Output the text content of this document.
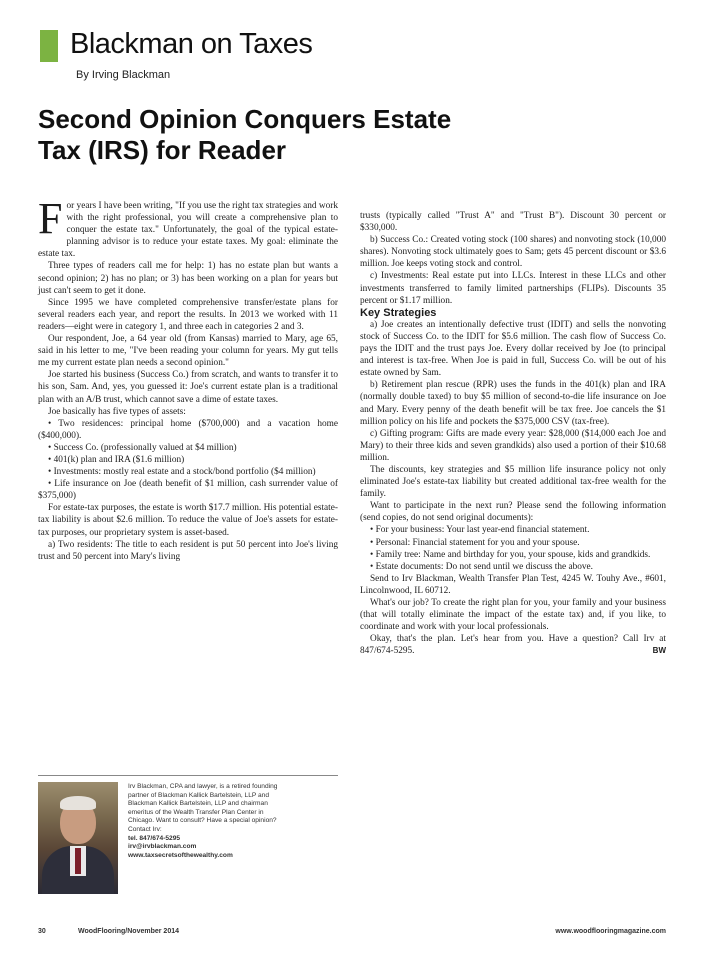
Blackman on Taxes
By Irving Blackman
Second Opinion Conquers Estate Tax (IRS) for Reader

For years I have been writing, "If you use the right tax strategies and work with the right professional, you will create a comprehensive plan to conquer the estate tax." Unfortunately, the goal of the typical estate-planning advisor is to reduce your estate taxes. My goal: eliminate the estate tax.

Three types of readers call me for help: 1) has no estate plan but wants a second opinion; 2) has no plan; or 3) has been working on a plan for years but just can't seem to get it done.

Since 1995 we have completed comprehensive transfer/estate plans for several readers each year, and report the results. In 2013 we worked with 11 readers—eight were in category 1, and three each in categories 2 and 3.

Our respondent, Joe, a 64 year old (from Kansas) married to Mary, age 65, said in his letter to me, "I've been reading your column for years. My gut tells me my current estate plan needs a second opinion."

Joe started his business (Success Co.) from scratch, and wants to transfer it to his son, Sam. And, yes, you guessed it: Joe's current estate plan is a traditional plan with an A/B trust, which cannot save a dime of estate taxes.

Joe basically has five types of assets:

• Two residences: principal home ($700,000) and a vacation home ($400,000).

• Success Co. (professionally valued at $4 million)

• 401(k) plan and IRA ($1.6 million)

• Investments: mostly real estate and a stock/bond portfolio ($4 million)

• Life insurance on Joe (death benefit of $1 million, cash surrender value of $375,000)

For estate-tax purposes, the estate is worth $17.7 million. His potential estate-tax liability is about $2.6 million. To reduce the value of Joe's assets for estate-tax purposes, our proprietary system is asset-based.

a) Two residents: The title to each resident is put 50 percent into Joe's living trust and 50 percent into Mary's living

trusts (typically called "Trust A" and "Trust B"). Discount 30 percent or $330,000.

b) Success Co.: Created voting stock (100 shares) and nonvoting stock (10,000 shares). Nonvoting stock ultimately goes to Sam; gets 45 percent discount or $3.6 million. Joe keeps voting stock and control.

c) Investments: Real estate put into LLCs. Interest in these LLCs and other investments transferred to family limited partnerships (FLIPs). Discounts 35 percent or $1.17 million.

Key Strategies

a) Joe creates an intentionally defective trust (IDIT) and sells the nonvoting stock of Success Co. to the IDIT for $5.6 million. The cash flow of Success Co. pays the IDIT and the trust pays Joe. Every dollar received by Joe (to principal and interest is tax-free. When Joe is paid in full, Success Co. will be out of his estate owned by Sam.

b) Retirement plan rescue (RPR) uses the funds in the 401(k) plan and IRA (normally double taxed) to buy $5 million of second-to-die life insurance on Joe and Mary. Every penny of the death benefit will be tax free. Joe cancels the $1 million policy on his life and pockets the $375,000 CSV (tax-free).

c) Gifting program: Gifts are made every year: $28,000 ($14,000 each Joe and Mary) to their three kids and seven grandkids) also used a portion of their $10.68 million.

The discounts, key strategies and $5 million life insurance policy not only eliminated Joe's estate-tax liability but created additional tax-free wealth for the family.

Want to participate in the next run? Please send the following information (send copies, do not send original documents):

• For your business: Your last year-end financial statement.

• Personal: Financial statement for you and your spouse.

• Family tree: Name and birthday for you, your spouse, kids and grandkids.

• Estate documents: Do not send until we discuss the above.

Send to Irv Blackman, Wealth Transfer Plan Test, 4245 W. Touhy Ave., #601, Lincolnwood, IL 60712.

What's our job? To create the right plan for you, your family and your business (that will totally eliminate the impact of the estate tax) and, if you like, to coordinate and work with your local professionals.

Okay, that's the plan. Let's hear from you. Have a question? Call Irv at 847/674-5295.	BW

Irv Blackman, CPA and lawyer, is a retired founding partner of Blackman Kallick Bartelstein, LLP and Blackman Kallick Bartelstein, LLP and chairman emeritus of the Wealth Transfer Plan Center in Chicago. Want to consult? Have a special opinion? Contact Irv:
tel. 847/674-5295
irv@irvblackman.com
www.taxsecretsofthewealthy.com
30	WoodFlooring/November 2014	www.woodflooringmagazine.com
